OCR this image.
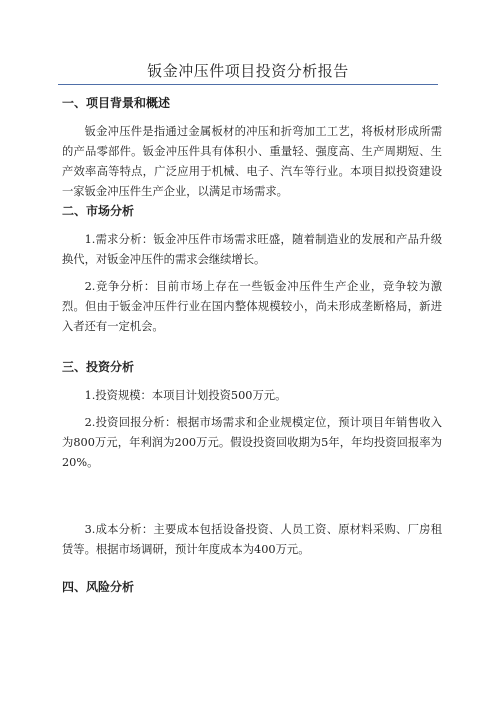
钣金冲压件项目投资分析报告
一、项目背景和概述
钣金冲压件是指通过金属板材的冲压和折弯加工工艺，将板材形成所需的产品零部件。钣金冲压件具有体积小、重量轻、强度高、生产周期短、生产效率高等特点，广泛应用于机械、电子、汽车等行业。本项目拟投资建设一家钣金冲压件生产企业，以满足市场需求。
二、市场分析
1.需求分析：钣金冲压件市场需求旺盛，随着制造业的发展和产品升级换代，对钣金冲压件的需求会继续增长。
2.竞争分析：目前市场上存在一些钣金冲压件生产企业，竞争较为激烈。但由于钣金冲压件行业在国内整体规模较小，尚未形成垄断格局，新进入者还有一定机会。
三、投资分析
1.投资规模：本项目计划投资500万元。
2.投资回报分析：根据市场需求和企业规模定位，预计项目年销售收入为800万元，年利润为200万元。假设投资回收期为5年，年均投资回报率为20%。
3.成本分析：主要成本包括设备投资、人员工资、原材料采购、厂房租赁等。根据市场调研，预计年度成本为400万元。
四、风险分析
